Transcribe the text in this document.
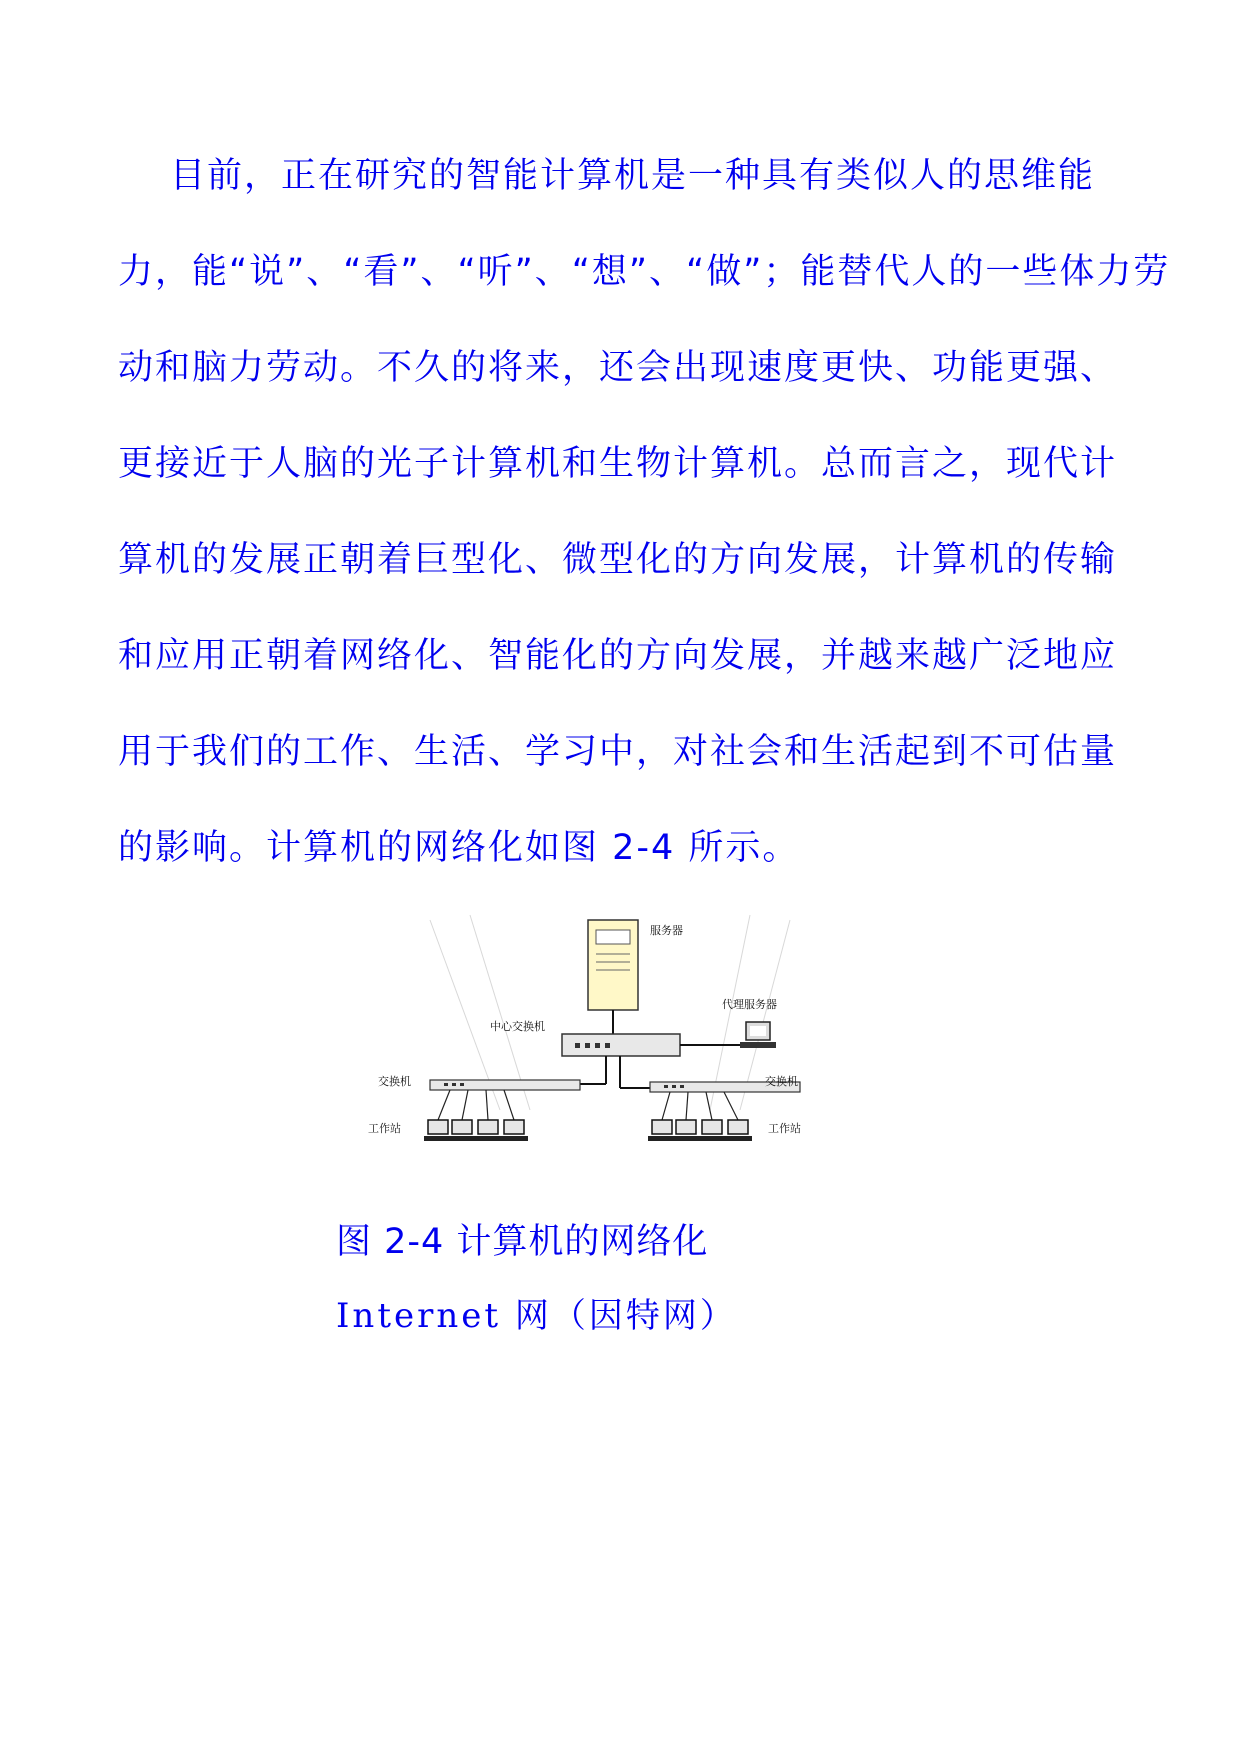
目前，正在研究的智能计算机是一种具有类似人的思维能
力，能“说”、“看”、“听”、“想”、“做”；能替代人的一些体力劳
动和脑力劳动。不久的将来，还会出现速度更快、功能更强、
更接近于人脑的光子计算机和生物计算机。总而言之，现代计
算机的发展正朝着巨型化、微型化的方向发展，计算机的传输
和应用正朝着网络化、智能化的方向发展，并越来越广泛地应
用于我们的工作、生活、学习中，对社会和生活起到不可估量
的影响。计算机的网络化如图 2-4 所示。

服务器
中心交换机
代理服务器
交换机	交换机
工作站	工作站

图 2-4 计算机的网络化

Internet 网（因特网）
